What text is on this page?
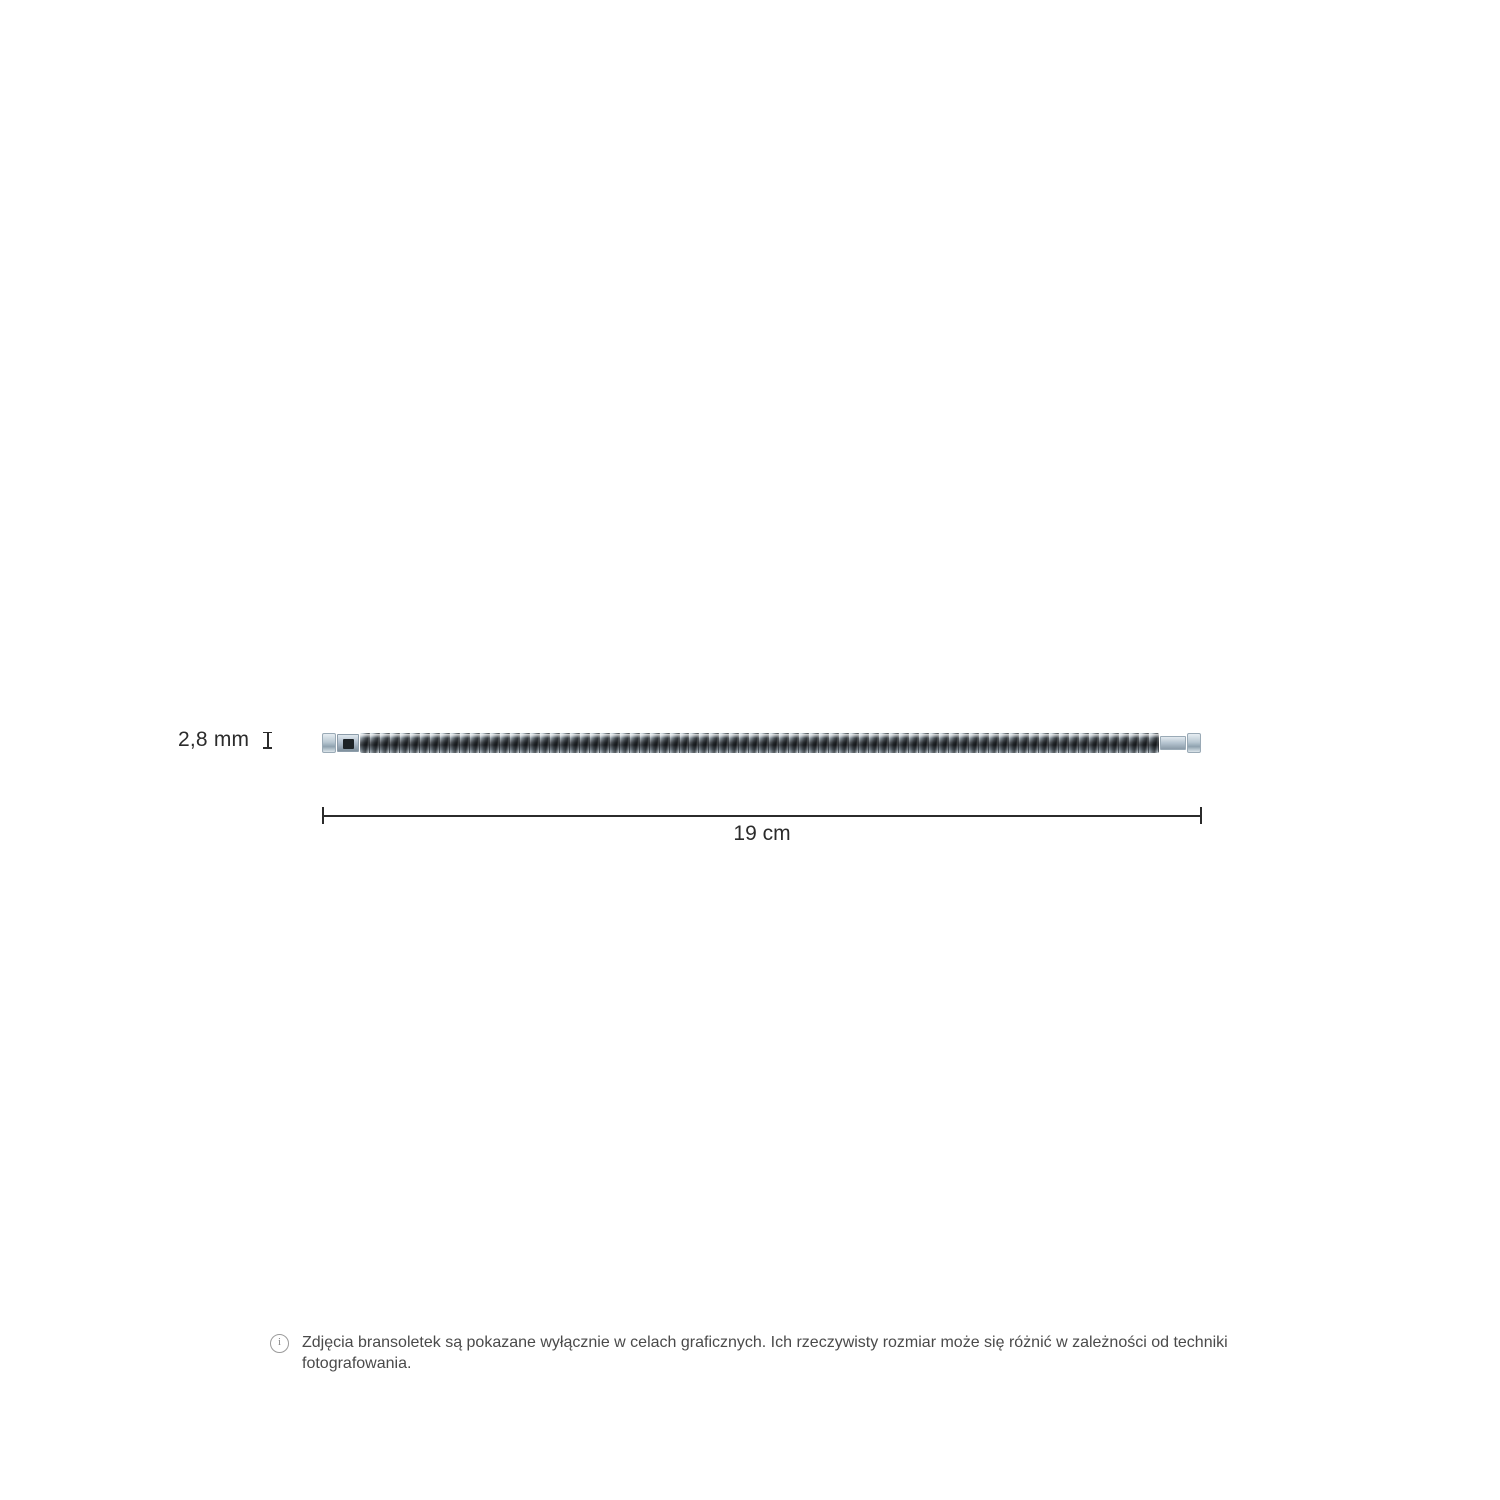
2,8 mm
19 cm
i	Zdjęcia bransoletek są pokazane wyłącznie w celach graficznych. Ich rzeczywisty rozmiar może się różnić w zależności od techniki fotografowania.
